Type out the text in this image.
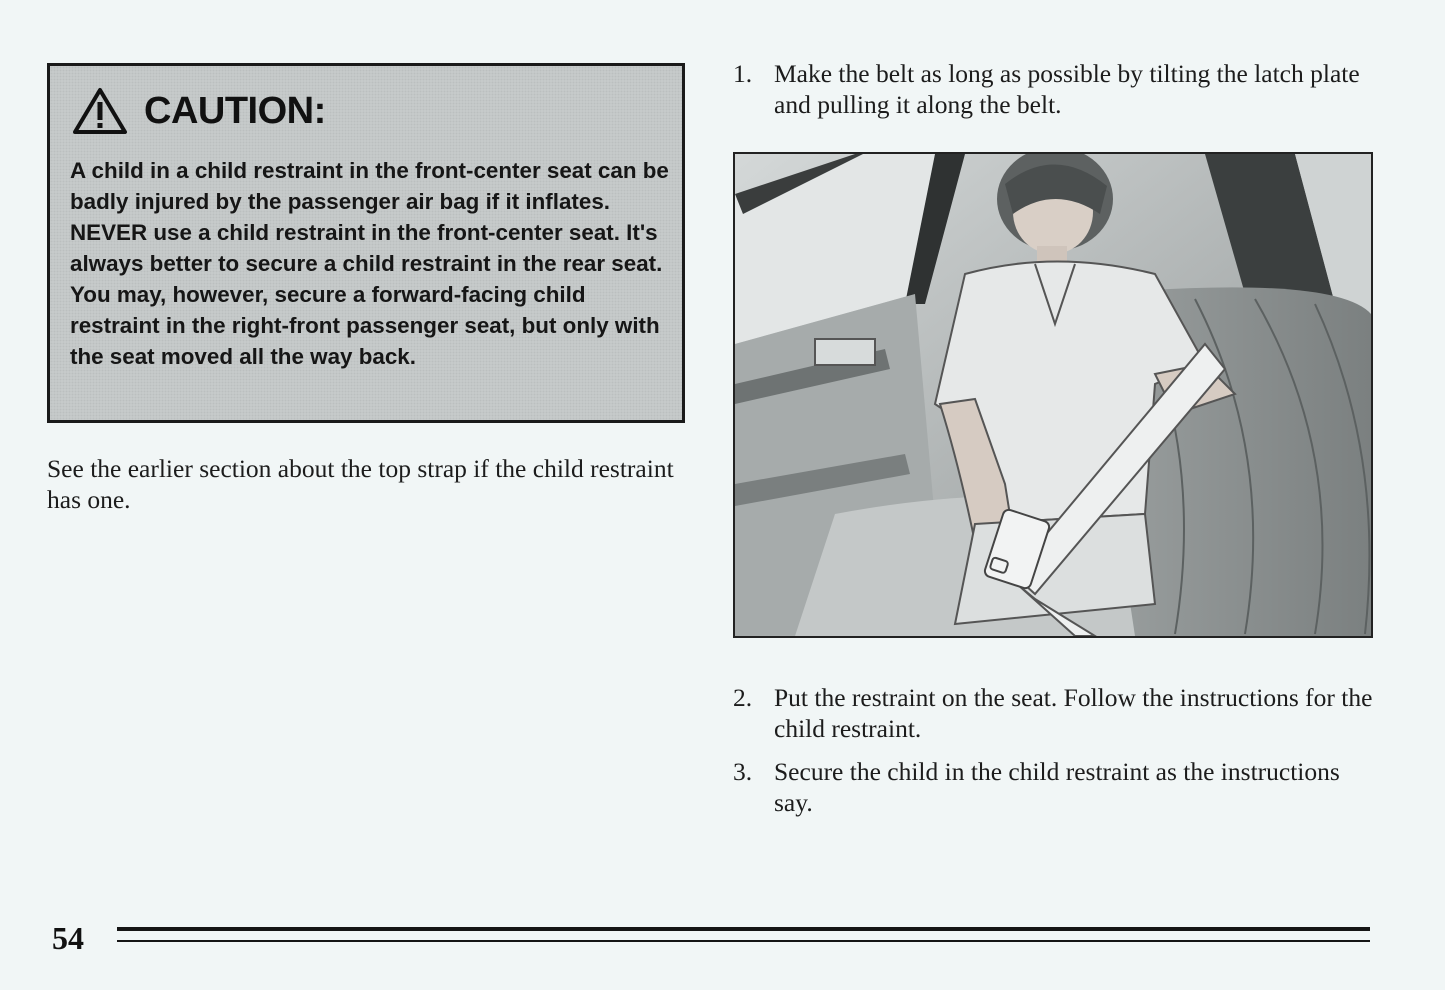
CAUTION:

A child in a child restraint in the front-center seat can be badly injured by the passenger air bag if it inflates. NEVER use a child restraint in the front-center seat. It's always better to secure a child restraint in the rear seat. You may, however, secure a forward-facing child restraint in the right-front passenger seat, but only with the seat moved all the way back.

See the earlier section about the top strap if the child restraint has one.

1. Make the belt as long as possible by tilting the latch plate and pulling it along the belt.
2. Put the restraint on the seat. Follow the instructions for the child restraint.
3. Secure the child in the child restraint as the instructions say.
54
